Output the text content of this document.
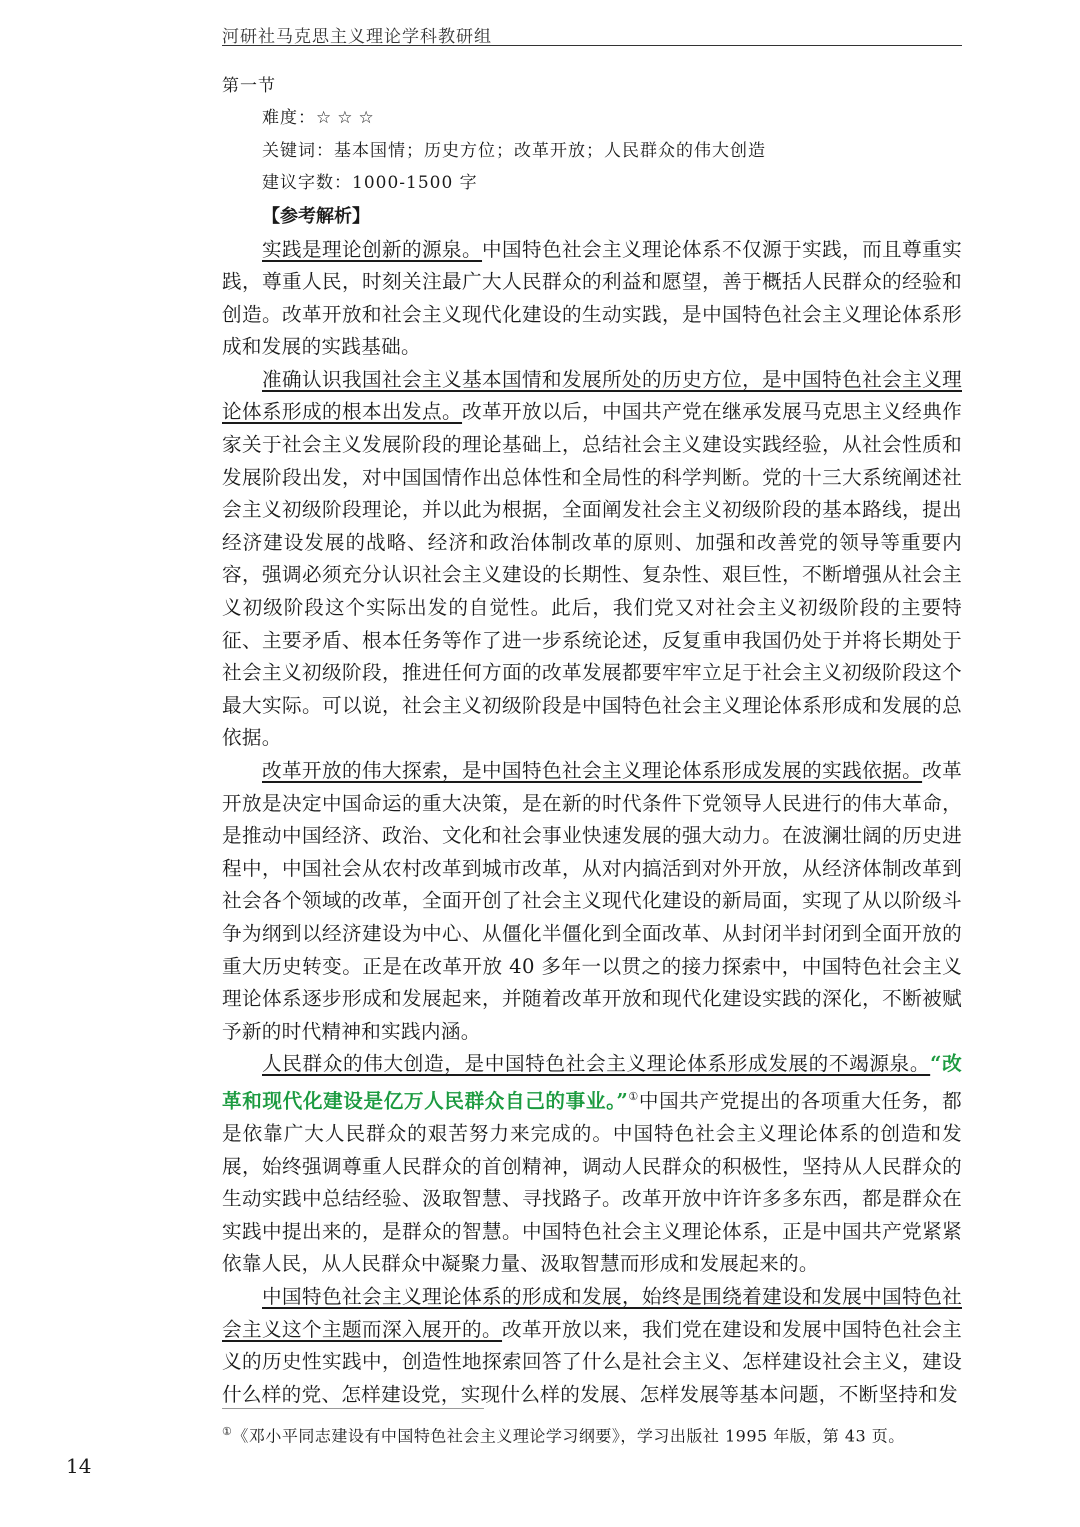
河研社马克思主义理论学科教研组
第一节
难度：☆☆☆
关键词：基本国情；历史方位；改革开放；人民群众的伟大创造
建议字数：1000-1500 字
【参考解析】

实践是理论创新的源泉。中国特色社会主义理论体系不仅源于实践，而且尊重实践，尊重人民，时刻关注最广大人民群众的利益和愿望，善于概括人民群众的经验和创造。改革开放和社会主义现代化建设的生动实践，是中国特色社会主义理论体系形成和发展的实践基础。

准确认识我国社会主义基本国情和发展所处的历史方位，是中国特色社会主义理论体系形成的根本出发点。改革开放以后，中国共产党在继承发展马克思主义经典作家关于社会主义发展阶段的理论基础上，总结社会主义建设实践经验，从社会性质和发展阶段出发，对中国国情作出总体性和全局性的科学判断。党的十三大系统阐述社会主义初级阶段理论，并以此为根据，全面阐发社会主义初级阶段的基本路线，提出经济建设发展的战略、经济和政治体制改革的原则、加强和改善党的领导等重要内容，强调必须充分认识社会主义建设的长期性、复杂性、艰巨性，不断增强从社会主义初级阶段这个实际出发的自觉性。此后，我们党又对社会主义初级阶段的主要特征、主要矛盾、根本任务等作了进一步系统论述，反复重申我国仍处于并将长期处于社会主义初级阶段，推进任何方面的改革发展都要牢牢立足于社会主义初级阶段这个最大实际。可以说，社会主义初级阶段是中国特色社会主义理论体系形成和发展的总依据。

改革开放的伟大探索，是中国特色社会主义理论体系形成发展的实践依据。改革开放是决定中国命运的重大决策，是在新的时代条件下党领导人民进行的伟大革命，是推动中国经济、政治、文化和社会事业快速发展的强大动力。在波澜壮阔的历史进程中，中国社会从农村改革到城市改革，从对内搞活到对外开放，从经济体制改革到社会各个领域的改革，全面开创了社会主义现代化建设的新局面，实现了从以阶级斗争为纲到以经济建设为中心、从僵化半僵化到全面改革、从封闭半封闭到全面开放的重大历史转变。正是在改革开放 40 多年一以贯之的接力探索中，中国特色社会主义理论体系逐步形成和发展起来，并随着改革开放和现代化建设实践的深化，不断被赋予新的时代精神和实践内涵。

人民群众的伟大创造，是中国特色社会主义理论体系形成发展的不竭源泉。“改革和现代化建设是亿万人民群众自己的事业。”①中国共产党提出的各项重大任务，都是依靠广大人民群众的艰苦努力来完成的。中国特色社会主义理论体系的创造和发展，始终强调尊重人民群众的首创精神，调动人民群众的积极性，坚持从人民群众的生动实践中总结经验、汲取智慧、寻找路子。改革开放中许许多多东西，都是群众在实践中提出来的，是群众的智慧。中国特色社会主义理论体系，正是中国共产党紧紧依靠人民，从人民群众中凝聚力量、汲取智慧而形成和发展起来的。

中国特色社会主义理论体系的形成和发展，始终是围绕着建设和发展中国特色社会主义这个主题而深入展开的。改革开放以来，我们党在建设和发展中国特色社会主义的历史性实践中，创造性地探索回答了什么是社会主义、怎样建设社会主义，建设什么样的党、怎样建设党，实现什么样的发展、怎样发展等基本问题，不断坚持和发

①《邓小平同志建设有中国特色社会主义理论学习纲要》，学习出版社 1995 年版，第 43 页。
14
